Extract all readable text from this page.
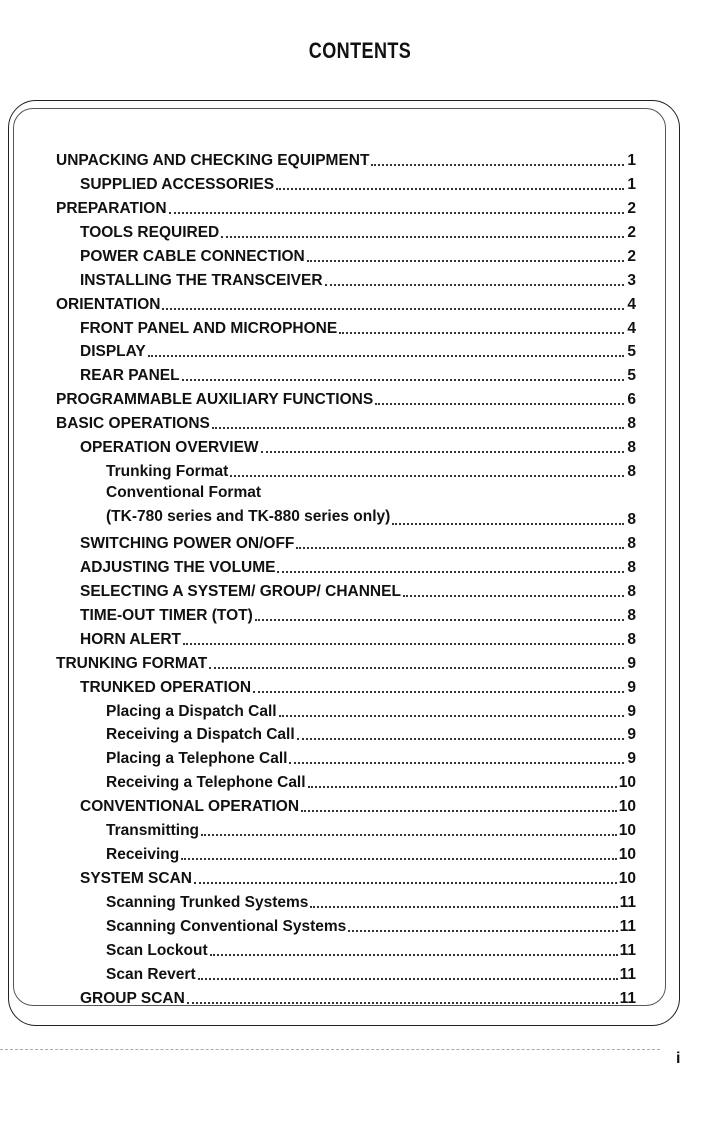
CONTENTS
UNPACKING AND CHECKING EQUIPMENT	1
SUPPLIED ACCESSORIES	1
PREPARATION	2
TOOLS REQUIRED	2
POWER CABLE CONNECTION	2
INSTALLING THE TRANSCEIVER	3
ORIENTATION	4
FRONT PANEL AND MICROPHONE	4
DISPLAY	5
REAR PANEL	5
PROGRAMMABLE AUXILIARY FUNCTIONS	6
BASIC OPERATIONS	8
OPERATION OVERVIEW	8
Trunking Format	8
Conventional Format
(TK-780 series and TK-880 series only)	8
SWITCHING POWER ON/OFF	8
ADJUSTING THE VOLUME	8
SELECTING A SYSTEM/ GROUP/ CHANNEL	8
TIME-OUT TIMER (TOT)	8
HORN ALERT	8
TRUNKING FORMAT	9
TRUNKED OPERATION	9
Placing a Dispatch Call	9
Receiving a Dispatch Call	9
Placing a Telephone Call	9
Receiving a Telephone Call	10
CONVENTIONAL OPERATION	10
Transmitting	10
Receiving	10
SYSTEM SCAN	10
Scanning Trunked Systems	11
Scanning Conventional Systems	11
Scan Lockout	11
Scan Revert	11
GROUP SCAN	11
i
